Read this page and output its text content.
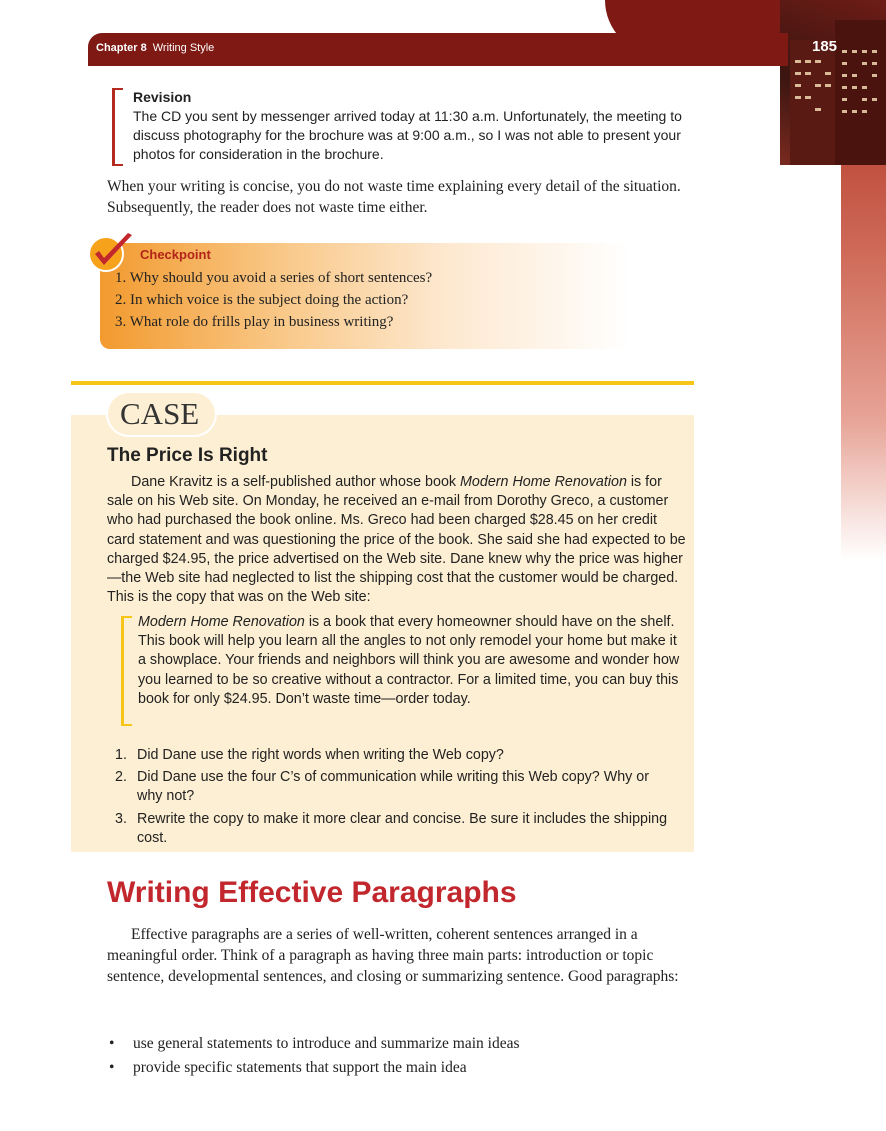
Chapter 8 Writing Style	185
Revision
The CD you sent by messenger arrived today at 11:30 a.m. Unfortunately, the meeting to discuss photography for the brochure was at 9:00 a.m., so I was not able to present your photos for consideration in the brochure.
When your writing is concise, you do not waste time explaining every detail of the situation. Subsequently, the reader does not waste time either.
Checkpoint
1. Why should you avoid a series of short sentences?
2. In which voice is the subject doing the action?
3. What role do frills play in business writing?
CASE
The Price Is Right

Dane Kravitz is a self-published author whose book Modern Home Renovation is for sale on his Web site. On Monday, he received an e-mail from Dorothy Greco, a customer who had purchased the book online. Ms. Greco had been charged $28.45 on her credit card statement and was questioning the price of the book. She said she had expected to be charged $24.95, the price advertised on the Web site. Dane knew why the price was higher—the Web site had neglected to list the shipping cost that the customer would be charged. This is the copy that was on the Web site:

Modern Home Renovation is a book that every homeowner should have on the shelf. This book will help you learn all the angles to not only remodel your home but make it a showplace. Your friends and neighbors will think you are awesome and wonder how you learned to be so creative without a contractor. For a limited time, you can buy this book for only $24.95. Don’t waste time—order today.

1. Did Dane use the right words when writing the Web copy?
2. Did Dane use the four C’s of communication while writing this Web copy? Why or why not?
3. Rewrite the copy to make it more clear and concise. Be sure it includes the shipping cost.
Writing Effective Paragraphs

Effective paragraphs are a series of well-written, coherent sentences arranged in a meaningful order. Think of a paragraph as having three main parts: introduction or topic sentence, developmental sentences, and closing or summarizing sentence. Good paragraphs:

• use general statements to introduce and summarize main ideas
• provide specific statements that support the main idea
